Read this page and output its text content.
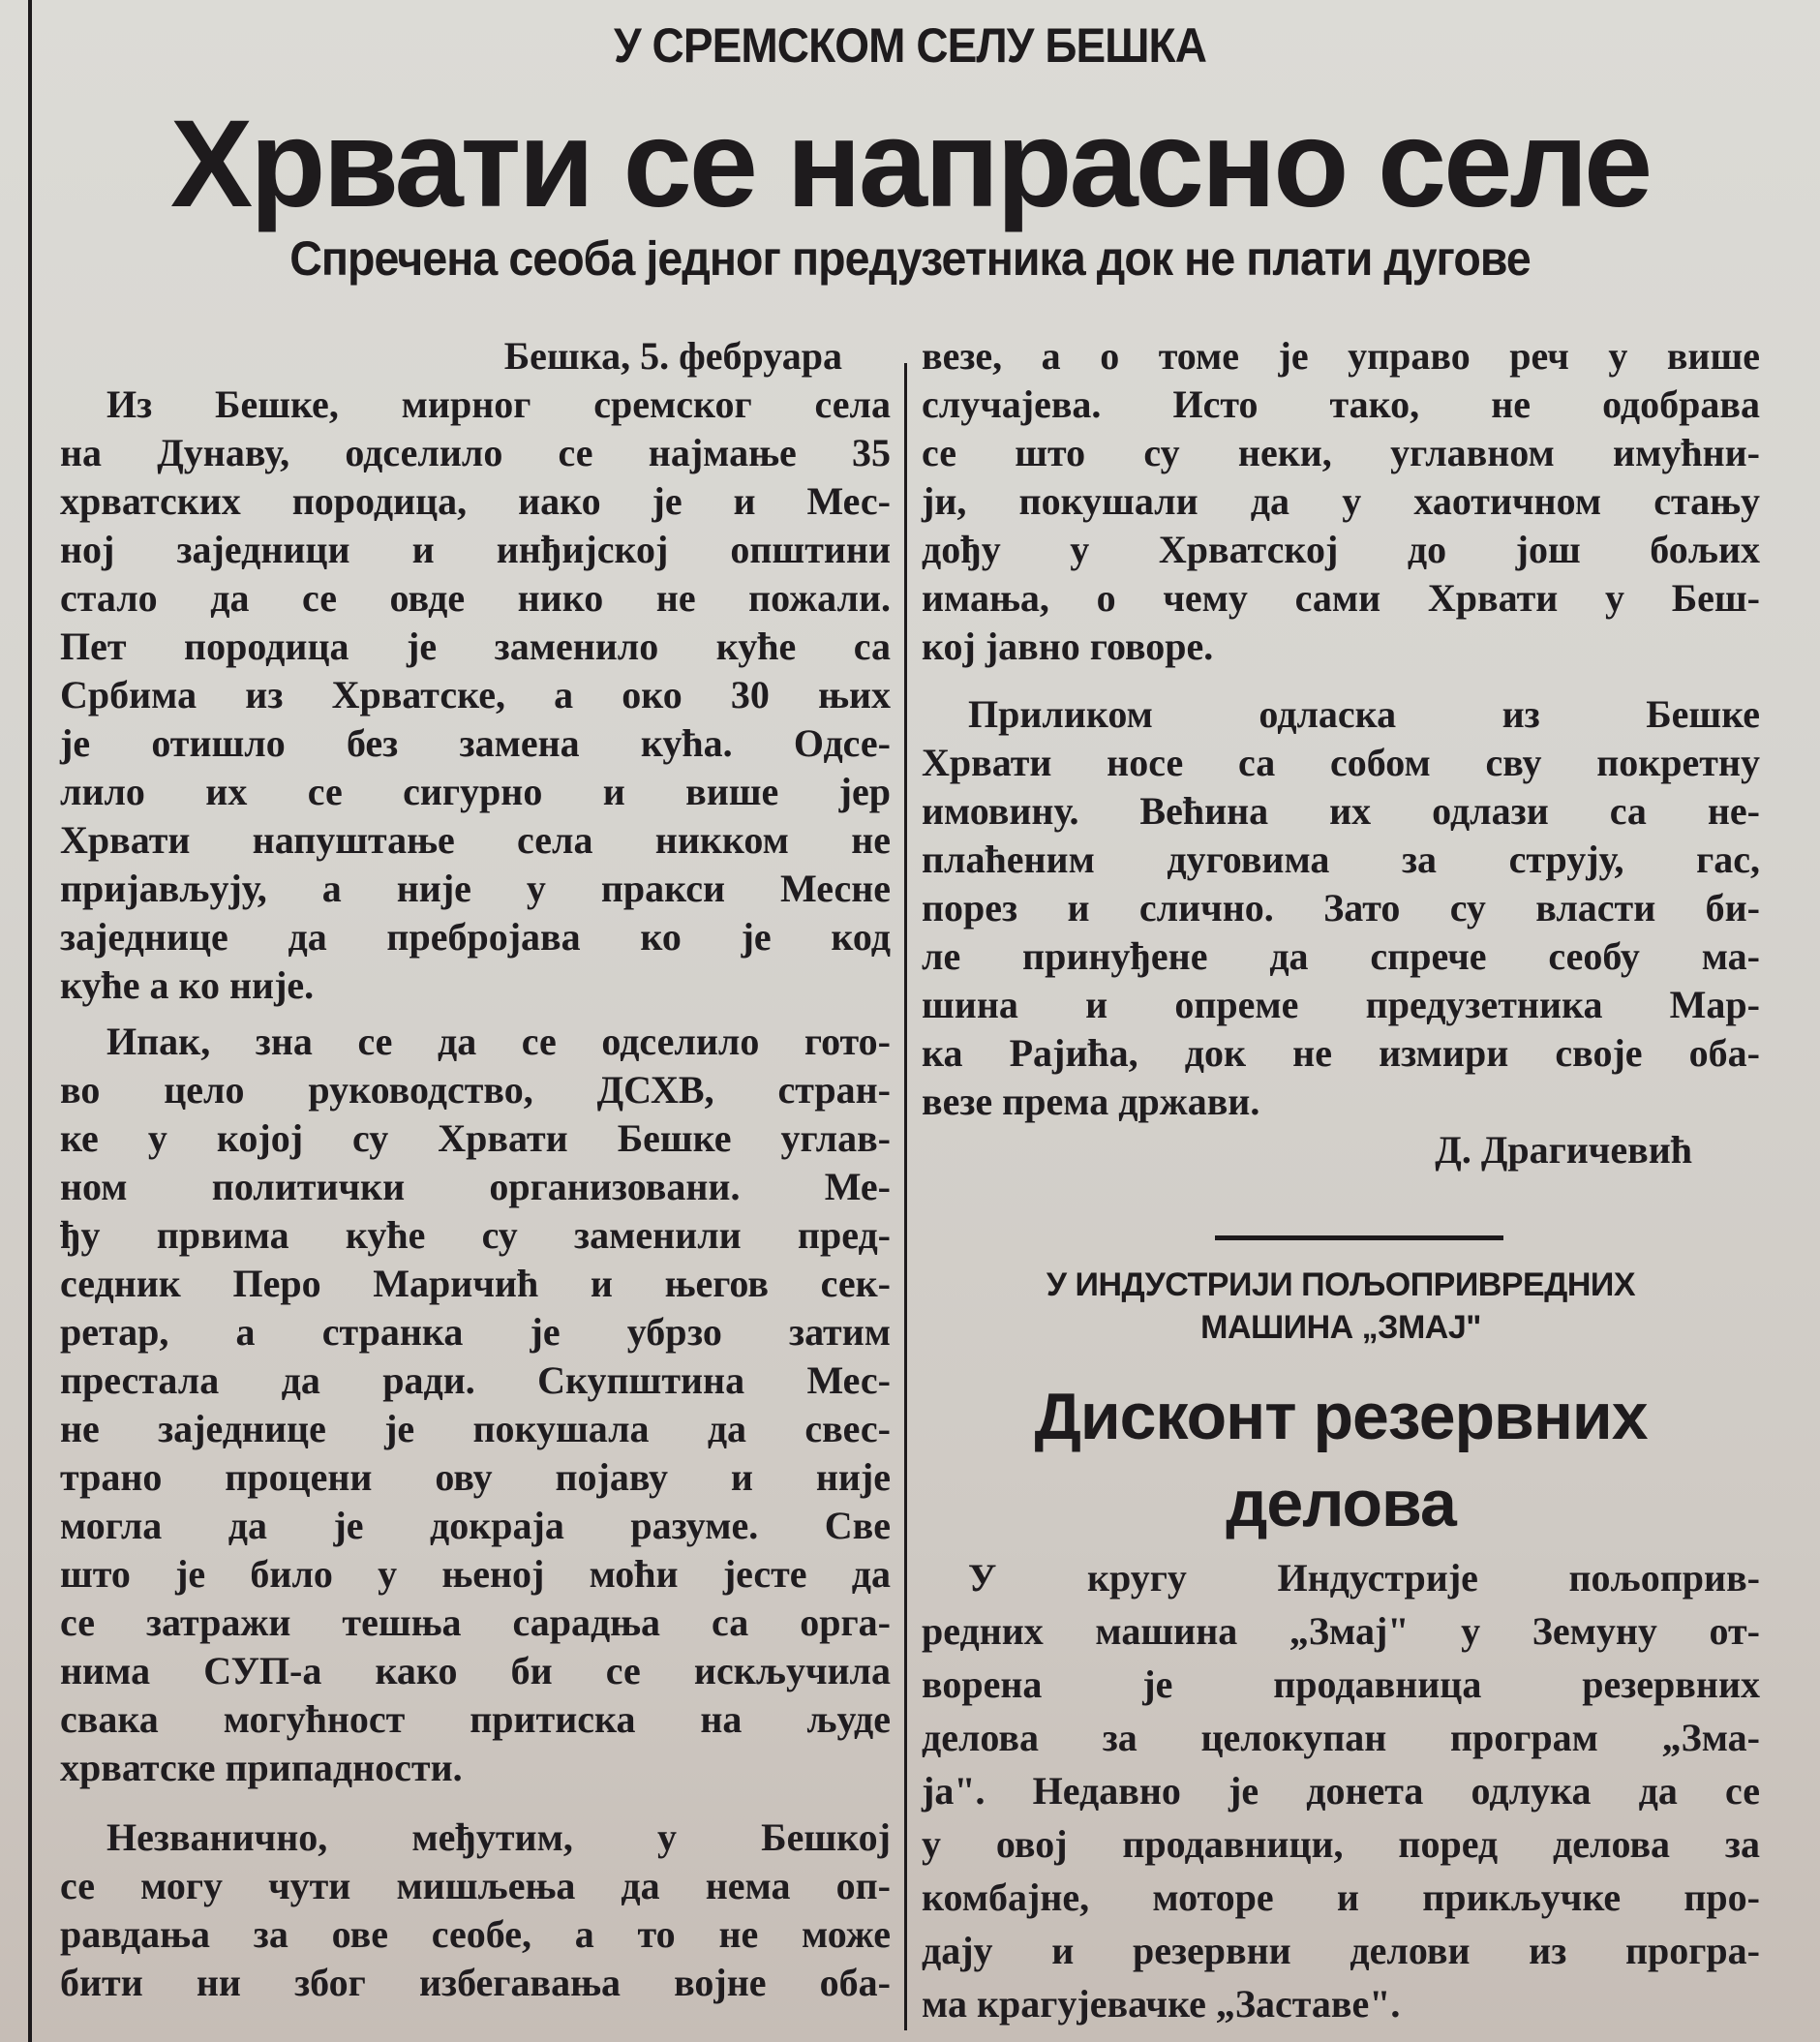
У СРЕМСКОМ СЕЛУ БЕШКА
Хрвати се напрасно селе
Спречена сеоба једног предузетника док не плати дугове
Бешка, 5. фебруара
Из Бешке, мирног сремског села
на Дунаву, одселило се најмање 35
хрватских породица, иако је и Мес-
ној заједници и инђијској општини
стало да се овде нико не пожали.
Пет породица је заменило куће са
Србима из Хрватске, а око 30 њих
је отишло без замена кућа. Одсе-
лило их се сигурно и више јер
Хрвати напуштање села никком не
пријављују, а није у пракси Месне
заједнице да пребројава ко је код
куће а ко није.
Ипак, зна се да се одселило гото-
во цело руководство, ДСХВ, стран-
ке у којој су Хрвати Бешке углав-
ном политички организовани. Ме-
ђу првима куће су заменили пред-
седник Перо Маричић и његов сек-
ретар, а странка је убрзо затим
престала да ради. Скупштина Мес-
не заједнице је покушала да свес-
трано процени ову појаву и није
могла да је докраја разуме. Све
што је било у њеној моћи јесте да
се затражи тешња сарадња са орга-
нима СУП-а како би се искључила
свака могућност притиска на људе
хрватске припадности.
Незванично, међутим, у Бешкој
се могу чути мишљења да нема оп-
равдања за ове сеобе, а то не може
бити ни због избегавања војне оба-
везе, а о томе је управо реч у више
случајева. Исто тако, не одобрава
се што су неки, углавном имућни-
ји, покушали да у хаотичном стању
дођу у Хрватској до још бољих
имања, о чему сами Хрвати у Беш-
кој јавно говоре.
Приликом одласка из Бешке
Хрвати носе са собом сву покретну
имовину. Већина их одлази са не-
плаћеним дуговима за струју, гас,
порез и слично. Зато су власти би-
ле принуђене да спрече сеобу ма-
шина и опреме предузетника Мар-
ка Рајића, док не измири своје оба-
везе према држави.
Д. Драгичевић
У ИНДУСТРИЈИ ПОЉОПРИВРЕДНИХ
МАШИНА „ЗМАЈ"
Дисконт резервних
делова
У кругу Индустрије пољоприв-
редних машина „Змај" у Земуну от-
ворена је продавница резервних
делова за целокупан програм „Зма-
ја". Недавно је донета одлука да се
у овој продавници, поред делова за
комбајне, моторе и прикључке про-
дају и резервни делови из програ-
ма крагујевачке „Заставе".
